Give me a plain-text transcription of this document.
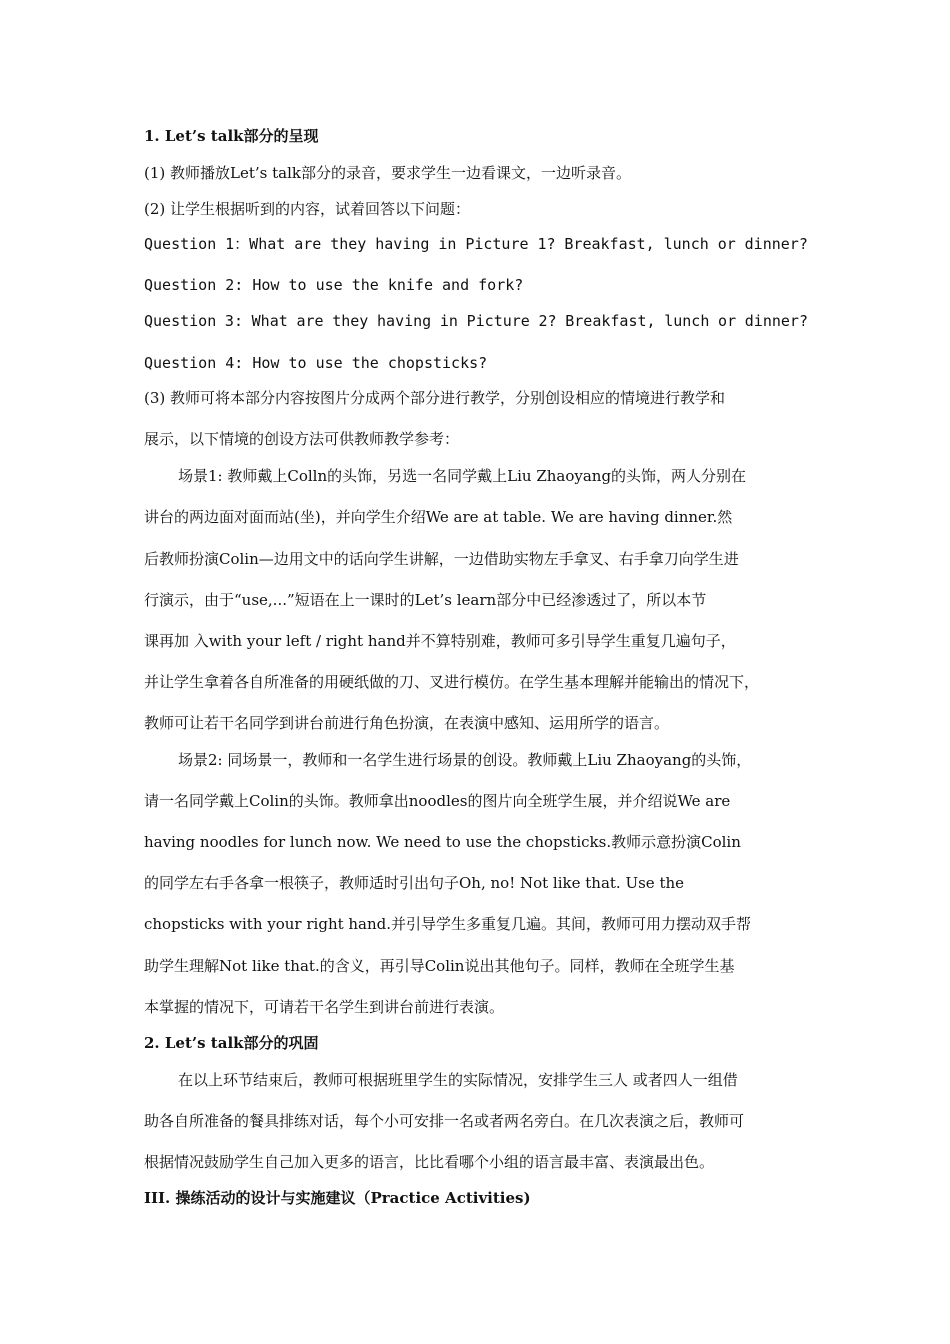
1. Let’s talk部分的呈现
(1) 教师播放Let’s talk部分的录音，要求学生一边看课文，一边听录音。
(2) 让学生根据听到的内容，试着回答以下问题：
Question 1：What are they having in Picture 1? Breakfast, lunch or dinner?
Question 2: How to use the knife and fork?
Question 3: What are they having in Picture 2? Breakfast, lunch or dinner?
Question 4: How to use the chopsticks?
(3) 教师可将本部分内容按图片分成两个部分进行教学，分别创设相应的情境进行教学和
展示，以下情境的创设方法可供教师教学参考：
场景1: 教师戴上Colln的头饰，另选一名同学戴上Liu Zhaoyang的头饰，两人分别在
讲台的两边面对面而站(坐)，并向学生介绍We are at table. We are having dinner.然
后教师扮演Colin—边用文中的话向学生讲解，一边借助实物左手拿叉、右手拿刀向学生进
行演示，由于“use,...”短语在上一课时的Let’s learn部分中已经渗透过了，所以本节
课再加 入with your left / right hand并不算特别难，教师可多引导学生重复几遍句子，
并让学生拿着各自所准备的用硬纸做的刀、叉进行模仿。在学生基本理解并能输出的情况下，
教师可让若干名同学到讲台前进行角色扮演，在表演中感知、运用所学的语言。
场景2: 同场景一，教师和一名学生进行场景的创设。教师戴上Liu Zhaoyang的头饰，
请一名同学戴上Colin的头饰。教师拿出noodles的图片向全班学生展，并介绍说We are
having noodles for lunch now. We need to use the chopsticks.教师示意扮演Colin
的同学左右手各拿一根筷子，教师适时引出句子Oh, no! Not like that. Use the
chopsticks with your right hand.并引导学生多重复几遍。其间，教师可用力摆动双手帮
助学生理解Not like that.的含义，再引导Colin说出其他句子。同样，教师在全班学生基
本掌握的情况下，可请若干名学生到讲台前进行表演。
2. Let’s talk部分的巩固
在以上环节结束后，教师可根据班里学生的实际情况，安排学生三人 或者四人一组借
助各自所准备的餐具排练对话，每个小可安排一名或者两名旁白。在几次表演之后，教师可
根据情况鼓励学生自己加入更多的语言，比比看哪个小组的语言最丰富、表演最出色。
III. 操练活动的设计与实施建议（Practice Activities)
